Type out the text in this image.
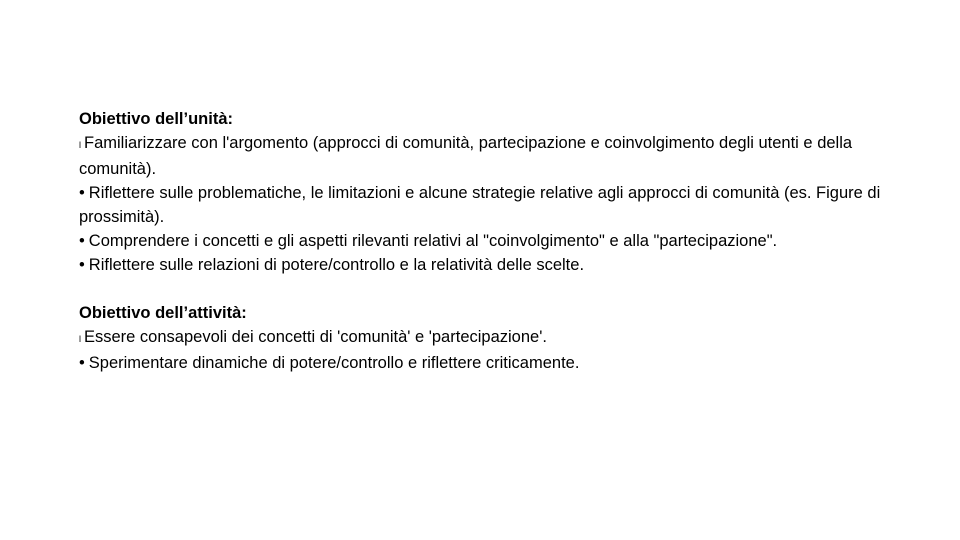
Obiettivo dell’unità:
l Familiarizzare con l'argomento (approcci di comunità, partecipazione e coinvolgimento degli utenti e della comunità).
• Riflettere sulle problematiche, le limitazioni e alcune strategie relative agli approcci di comunità (es. Figure di prossimità).
• Comprendere i concetti e gli aspetti rilevanti relativi al "coinvolgimento" e alla "partecipazione".
• Riflettere sulle relazioni di potere/controllo e la relatività delle scelte.
Obiettivo dell’attività:
l Essere consapevoli dei concetti di 'comunità' e 'partecipazione'.
• Sperimentare dinamiche di potere/controllo e riflettere criticamente.
